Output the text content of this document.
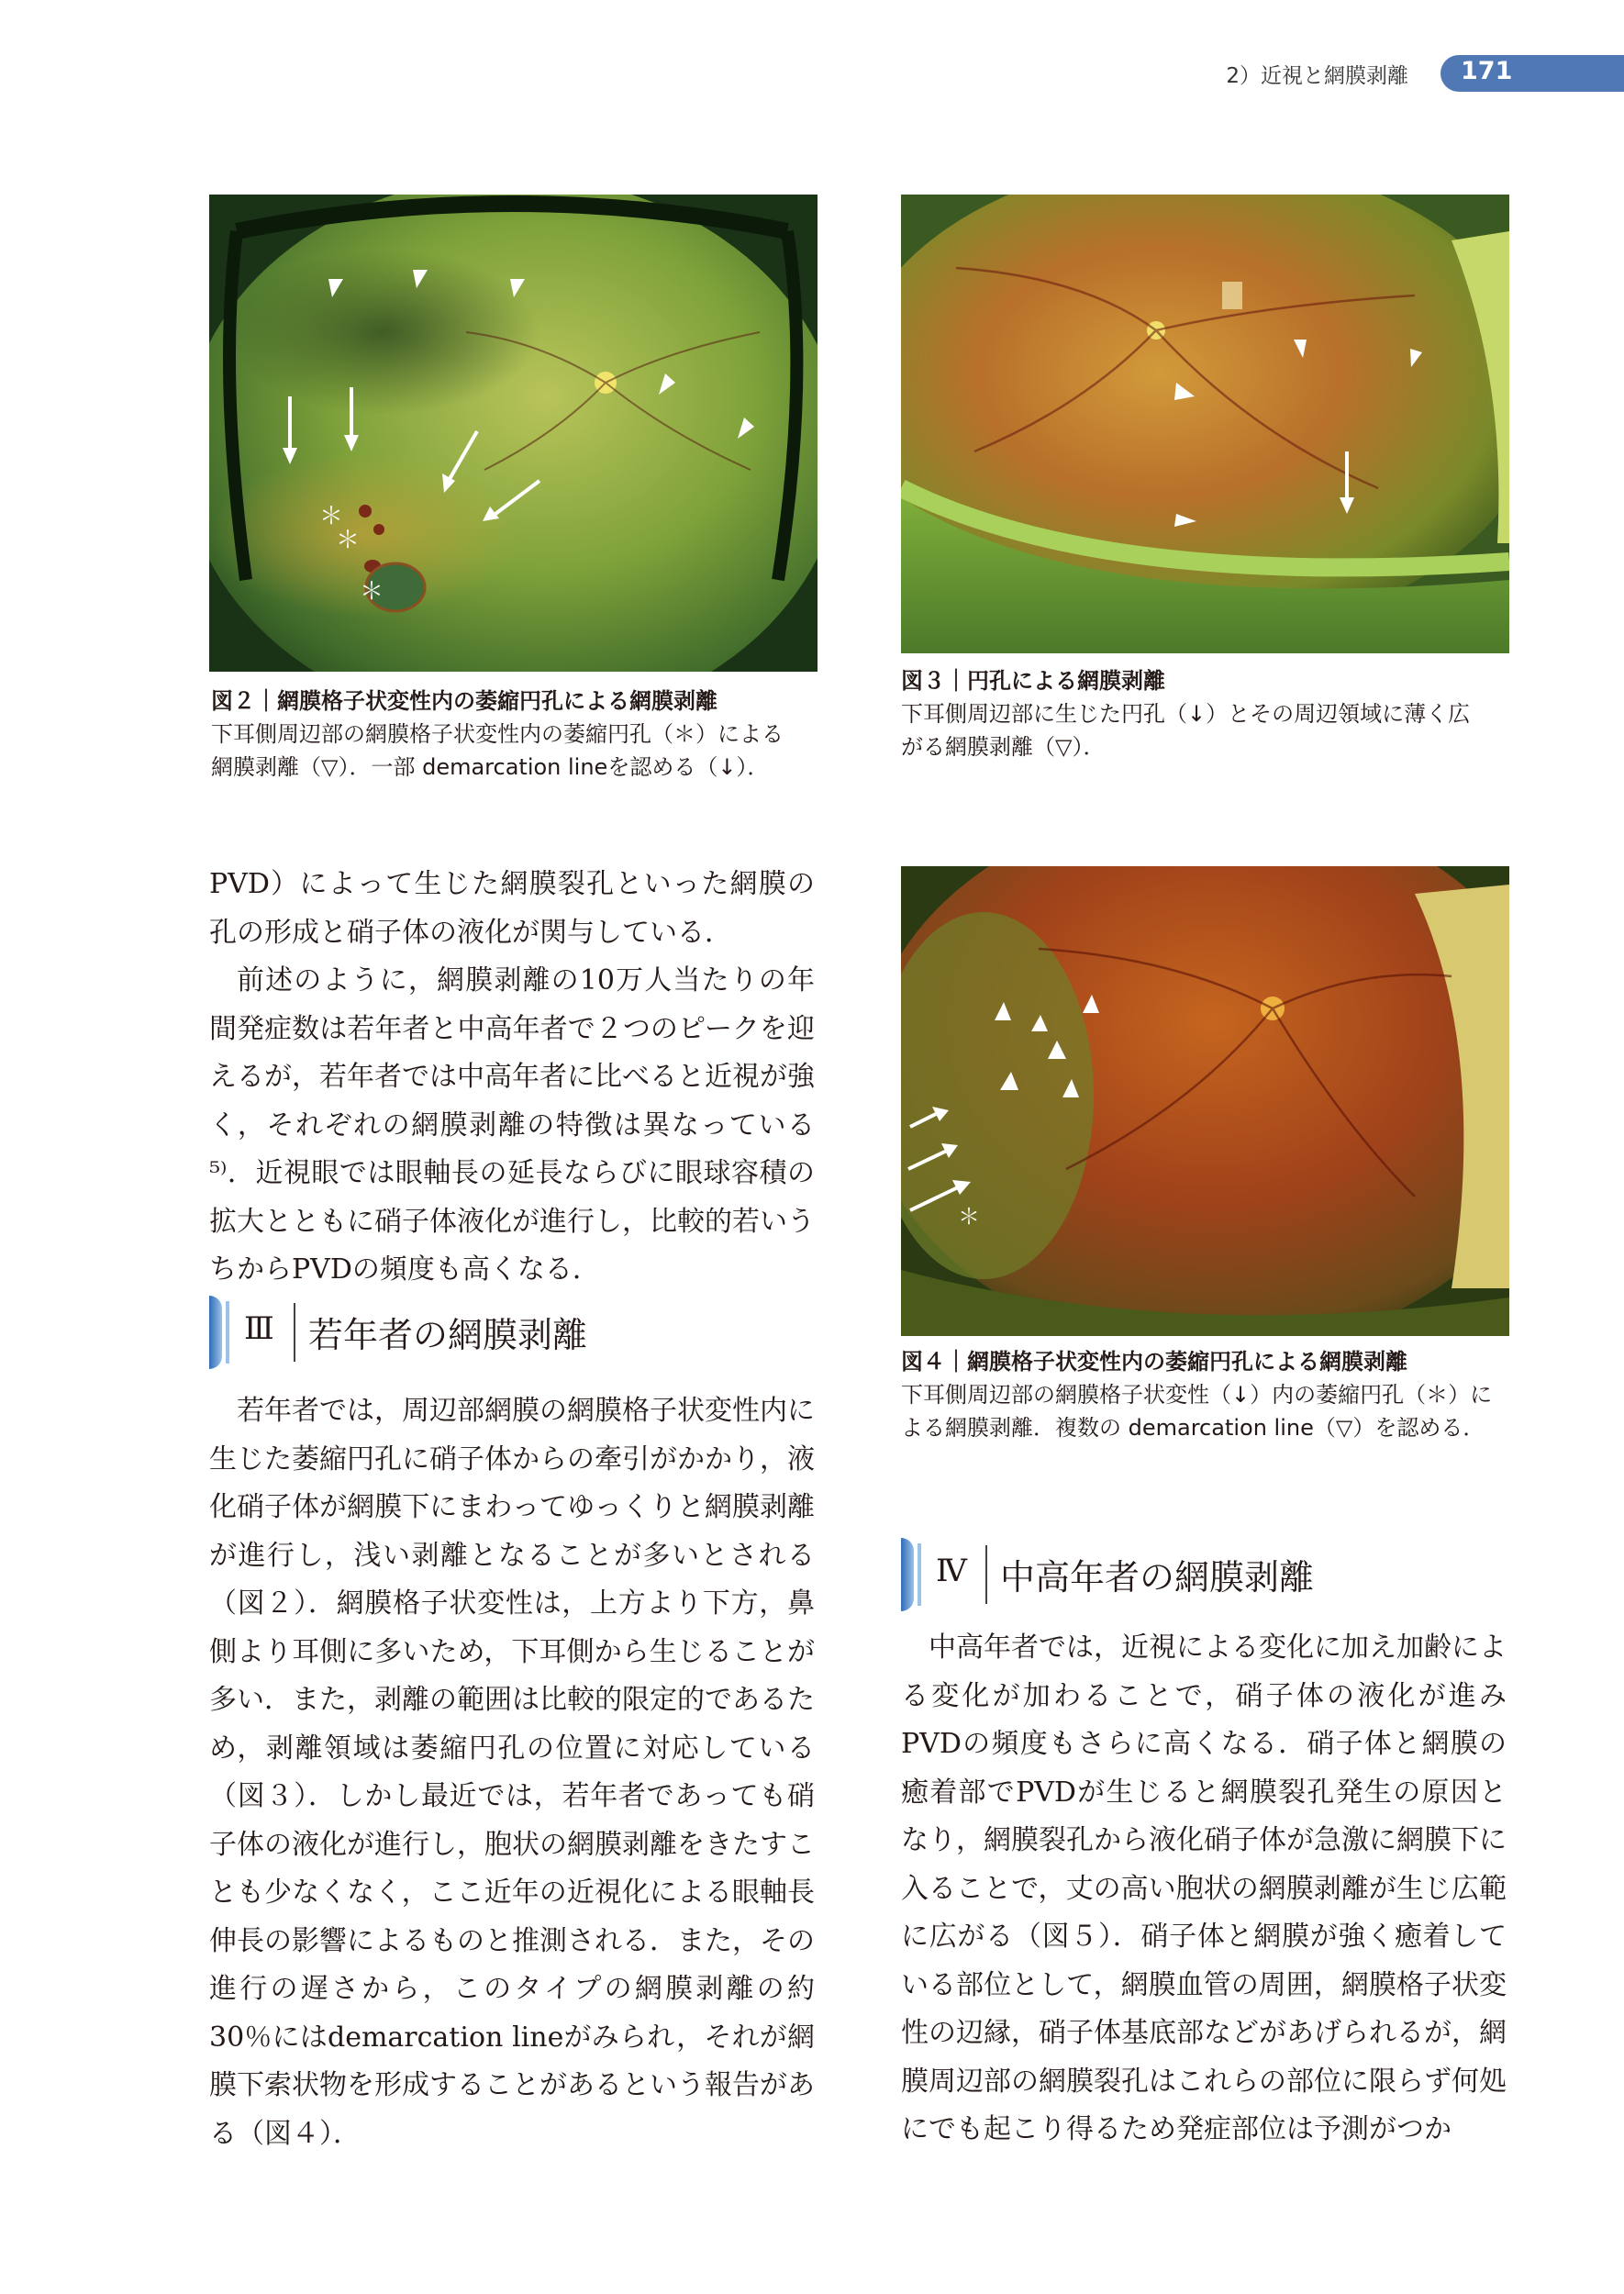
2）近視と網膜剥離 171
＊
＊
＊
図２｜網膜格子状変性内の萎縮円孔による網膜剥離
下耳側周辺部の網膜格子状変性内の萎縮円孔（＊）による
網膜剥離（▽）．一部 demarcation lineを認める（↓）．
図３｜円孔による網膜剥離
下耳側周辺部に生じた円孔（↓）とその周辺領域に薄く広
がる網膜剥離（▽）．
＊
図４｜網膜格子状変性内の萎縮円孔による網膜剥離
下耳側周辺部の網膜格子状変性（↓）内の萎縮円孔（＊）に
よる網膜剥離．複数の demarcation line（▽）を認める．

PVD）によって生じた網膜裂孔といった網膜の孔の形成と硝子体の液化が関与している．

前述のように，網膜剥離の10万人当たりの年間発症数は若年者と中高年者で２つのピークを迎えるが，若年者では中高年者に比べると近視が強く，それぞれの網膜剥離の特徴は異なっている⁵⁾．近視眼では眼軸長の延長ならびに眼球容積の拡大とともに硝子体液化が進行し，比較的若いうちからPVDの頻度も高くなる．

Ⅲ 若年者の網膜剥離

若年者では，周辺部網膜の網膜格子状変性内に生じた萎縮円孔に硝子体からの牽引がかかり，液化硝子体が網膜下にまわってゆっくりと網膜剥離が進行し，浅い剥離となることが多いとされる（図２）．網膜格子状変性は，上方より下方，鼻側より耳側に多いため，下耳側から生じることが多い．また，剥離の範囲は比較的限定的であるため，剥離領域は萎縮円孔の位置に対応している（図３）．しかし最近では，若年者であっても硝子体の液化が進行し，胞状の網膜剥離をきたすことも少なくなく，ここ近年の近視化による眼軸長伸長の影響によるものと推測される．また，その進行の遅さから，このタイプの網膜剥離の約30％にはdemarcation lineがみられ，それが網膜下索状物を形成することがあるという報告がある（図４）．

Ⅳ 中高年者の網膜剥離

中高年者では，近視による変化に加え加齢による変化が加わることで，硝子体の液化が進みPVDの頻度もさらに高くなる．硝子体と網膜の癒着部でPVDが生じると網膜裂孔発生の原因となり，網膜裂孔から液化硝子体が急激に網膜下に入ることで，丈の高い胞状の網膜剥離が生じ広範に広がる（図５）．硝子体と網膜が強く癒着している部位として，網膜血管の周囲，網膜格子状変性の辺縁，硝子体基底部などがあげられるが，網膜周辺部の網膜裂孔はこれらの部位に限らず何処にでも起こり得るため発症部位は予測がつか
